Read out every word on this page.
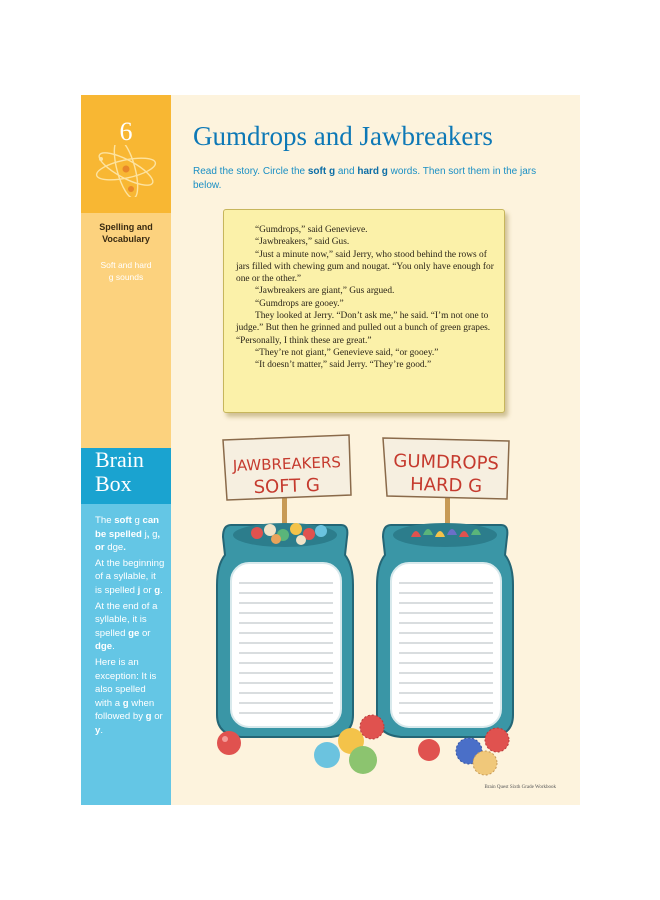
6
Spelling and
Vocabulary
Soft and hard
g sounds
Brain
Box

The soft g can be spelled j, g, or dge.

At the beginning of a syllable, it is spelled j or g.

At the end of a syllable, it is spelled ge or dge.

Here is an exception: It is also spelled with a g when followed by g or y.

Gumdrops and Jawbreakers
Read the story. Circle the soft g and hard g words. Then sort them in the jars below.

“Gumdrops,” said Genevieve.

“Jawbreakers,” said Gus.

“Just a minute now,” said Jerry, who stood behind the rows of jars filled with chewing gum and nougat. “You only have enough for one or the other.”

“Jawbreakers are giant,” Gus argued.

“Gumdrops are gooey.”

They looked at Jerry. “Don’t ask me,” he said. “I’m not one to judge.” But then he grinned and pulled out a bunch of green grapes. “Personally, I think these are great.”

“They’re not giant,” Genevieve said, “or gooey.”

“It doesn’t matter,” said Jerry. “They’re good.”

JAWBREAKERS
SOFT G
GUMDROPS
HARD G
Brain Quest Sixth Grade Workbook
